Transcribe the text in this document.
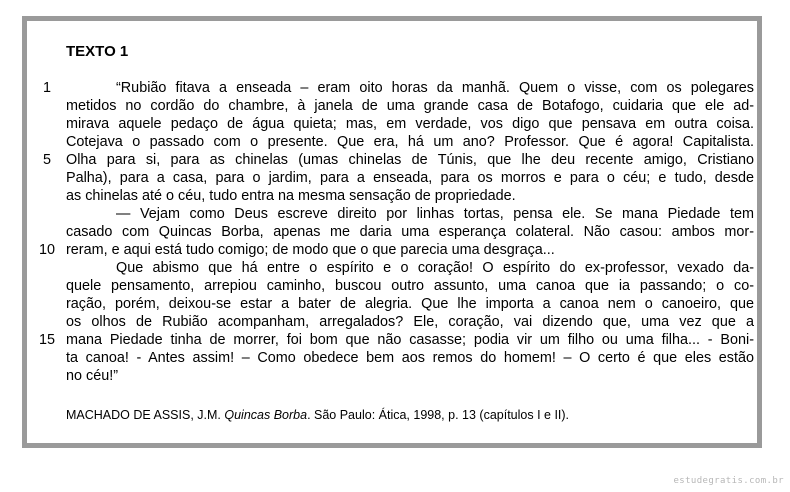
TEXTO 1
1
5
10
15
“Rubião fitava a enseada – eram oito horas da manhã. Quem o visse, com os polegares
metidos no cordão do chambre, à janela de uma grande casa de Botafogo, cuidaria que ele ad-
mirava aquele pedaço de água quieta; mas, em verdade, vos digo que pensava em outra coisa.
Cotejava o passado com o presente. Que era, há um ano? Professor. Que é agora! Capitalista.
Olha para si, para as chinelas (umas chinelas de Túnis, que lhe deu recente amigo, Cristiano
Palha), para a casa, para o jardim, para a enseada, para os morros e para o céu; e tudo, desde
as chinelas até o céu, tudo entra na mesma sensação de propriedade.
— Vejam como Deus escreve direito por linhas tortas, pensa ele. Se mana Piedade tem
casado com Quincas Borba, apenas me daria uma esperança colateral. Não casou: ambos mor-
reram, e aqui está tudo comigo; de modo que o que parecia uma desgraça...
Que abismo que há entre o espírito e o coração! O espírito do ex-professor, vexado da-
quele pensamento, arrepiou caminho, buscou outro assunto, uma canoa que ia passando; o co-
ração, porém, deixou-se estar a bater de alegria. Que lhe importa a canoa nem o canoeiro, que
os olhos de Rubião acompanham, arregalados? Ele, coração, vai dizendo que, uma vez que a
mana Piedade tinha de morrer, foi bom que não casasse; podia vir um filho ou uma filha... - Boni-
ta canoa! - Antes assim! – Como obedece bem aos remos do homem! – O certo é que eles estão
no céu!”
MACHADO DE ASSIS, J.M. Quincas Borba. São Paulo: Ática, 1998, p. 13 (capítulos I e II).
estudegratis.com.br
